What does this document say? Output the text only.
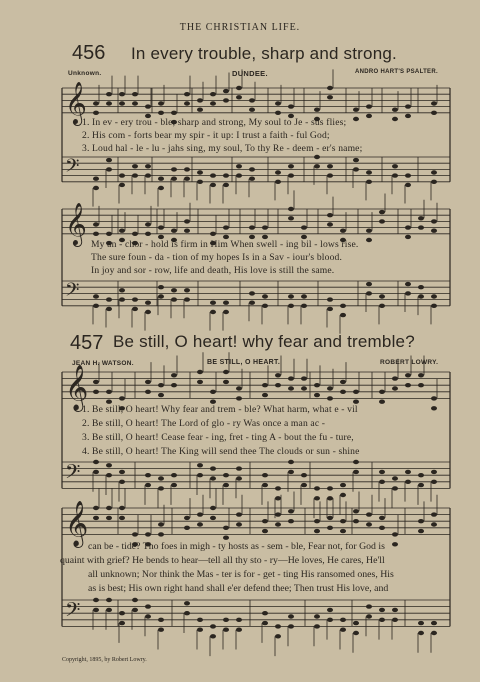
𝄞
𝄢
𝄞
𝄢
𝄞
𝄢
𝄞
𝄢
THE CHRISTIAN LIFE.
456 In every trouble, sharp and strong.
Unknown.	DUNDEE.	ANDRO HART'S PSALTER.
1. In ev - ery trou - ble, sharp and strong, My soul to Je - sus flies;
2. His com - forts bear my spir - it up: I trust a faith - ful God;
3. Loud hal - le - lu - jahs sing, my soul, To thy Re - deem - er's name;
My an - chor - hold is firm in Him When swell - ing bil - lows rise.
The sure foun - da - tion of my hopes Is in a Sav - iour's blood.
In joy and sor - row, life and death, His love is still the same.
457 Be still, O heart! why fear and tremble?
JEAN H. WATSON.	BE STILL, O HEART.	ROBERT LOWRY.
1. Be still, O heart! Why fear and trem - ble? What harm, what e - vil
2. Be still, O heart! The Lord of glo - ry Was once a man ac -
3. Be still, O heart! Cease fear - ing, fret - ting A - bout the fu - ture,
4. Be still, O heart! The King will send thee The clouds or sun - shine
can be - tide? Tho foes in migh - ty hosts as - sem - ble, Fear not, for God is
quaint with grief? He bends to hear—tell all thy sto - ry—He loves, He cares, He'll
all unknown; Nor think the Mas - ter is for - get - ting His ransomed ones, His
as is best; His own right hand shall e'er defend thee; Then trust His love, and
Copyright, 1895, by Robert Lowry.
